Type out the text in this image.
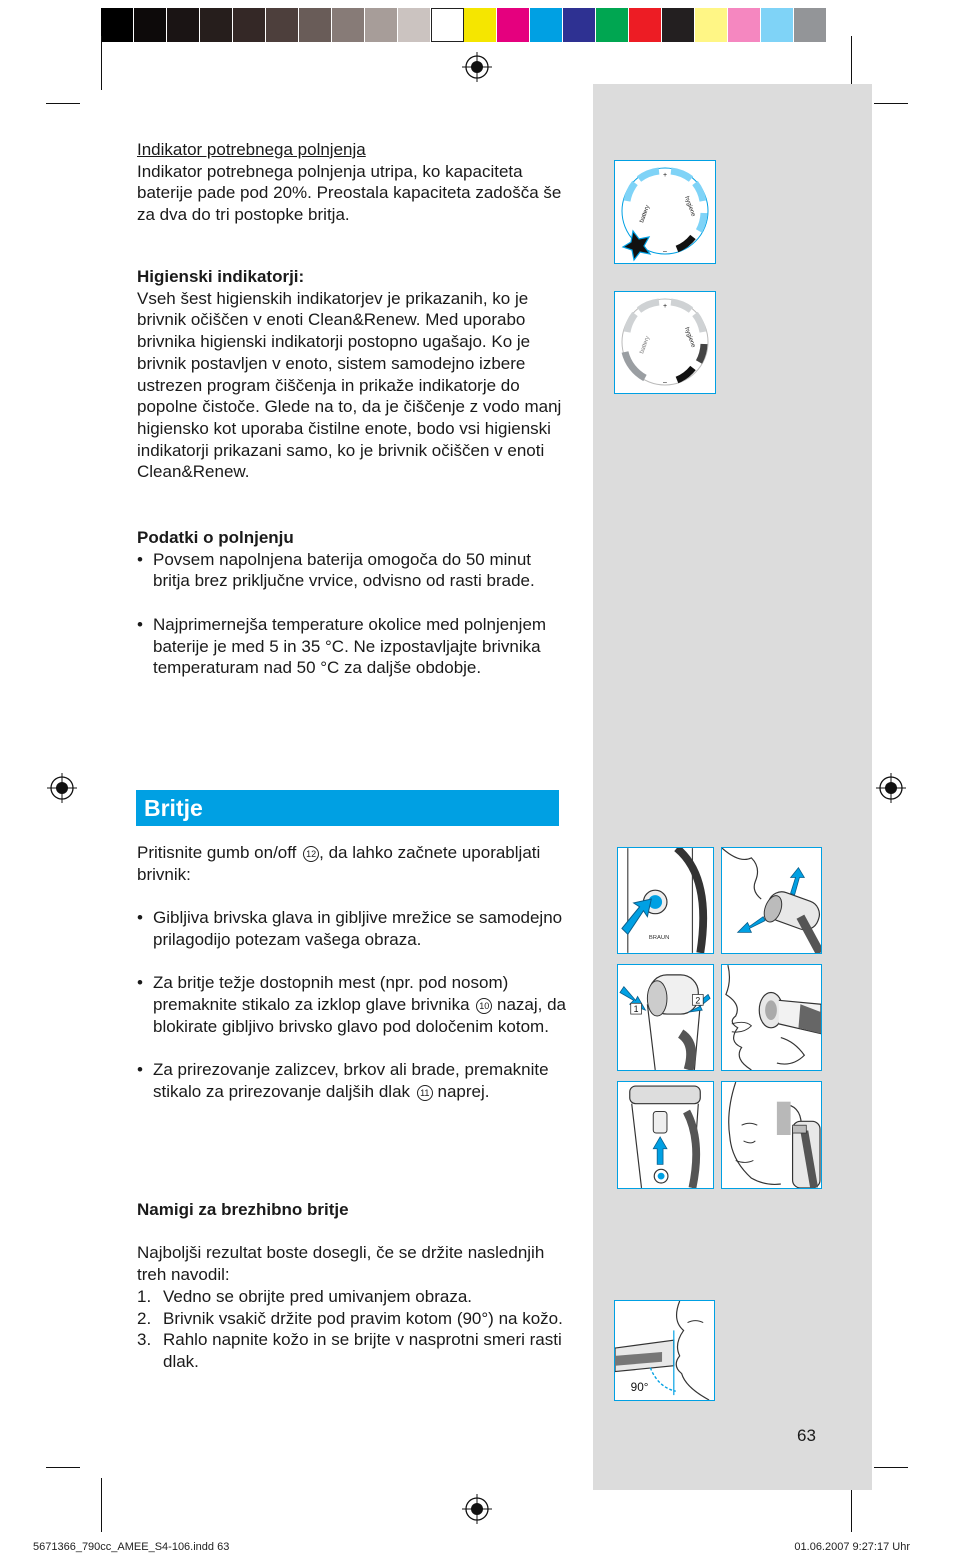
Indikator potrebnega polnjenja

Indikator potrebnega polnjenja utripa, ko kapaciteta baterije pade pod 20%. Preostala kapaciteta zadošča še za dva do tri postopke britja.

Higienski indikatorji:

Vseh šest higienskih indikatorjev je prikazanih, ko je brivnik očiščen v enoti Clean&Renew. Med uporabo brivnika higienski indikatorji postopno ugašajo. Ko je brivnik postavljen v enoto, sistem samodejno izbere ustrezen program čiščenja in prikaže indikatorje do popolne čistoče. Glede na to, da je čiščenje z vodo manj higiensko kot uporaba čistilne enote, bodo vsi higienski indikatorji prikazani samo, ko je brivnik očiščen v enoti Clean&Renew.

Podatki o polnjenju

• Povsem napolnjena baterija omogoča do 50 minut britja brez priključne vrvice, odvisno od rasti brade.

• Najprimernejša temperature okolice med polnjenjem baterije je med 5 in 35 °C. Ne izpostavljajte brivnika temperaturam nad 50 °C za daljše obdobje.

Britje

Pritisnite gumb on/off 12 , da lahko začnete uporabljati brivnik:

• Gibljiva brivska glava in gibljive mrežice se samodejno prilagodijo potezam vašega obraza.

• Za britje težje dostopnih mest (npr. pod nosom) premaknite stikalo za izklop glave brivnika 10 nazaj, da blokirate gibljivo brivsko glavo pod določenim kotom.

• Za prirezovanje zalizcev, brkov ali brade, premaknite stikalo za prirezovanje daljših dlak 11 naprej.

Namigi za brezhibno britje

Najboljši rezultat boste dosegli, če se držite naslednjih treh navodil:

1. Vedno se obrijte pred umivanjem obraza.

2. Brivnik vsakič držite pod pravim kotom (90°) na kožo.

3. Rahlo napnite kožo in se brijte v nasprotni smeri rasti dlak.

+
–
battery	hygiene
+
–
battery	hygiene
BRAUN
1
2
90°
63
5671366_790cc_AMEE_S4-106.indd 63	01.06.2007 9:27:17 Uhr
